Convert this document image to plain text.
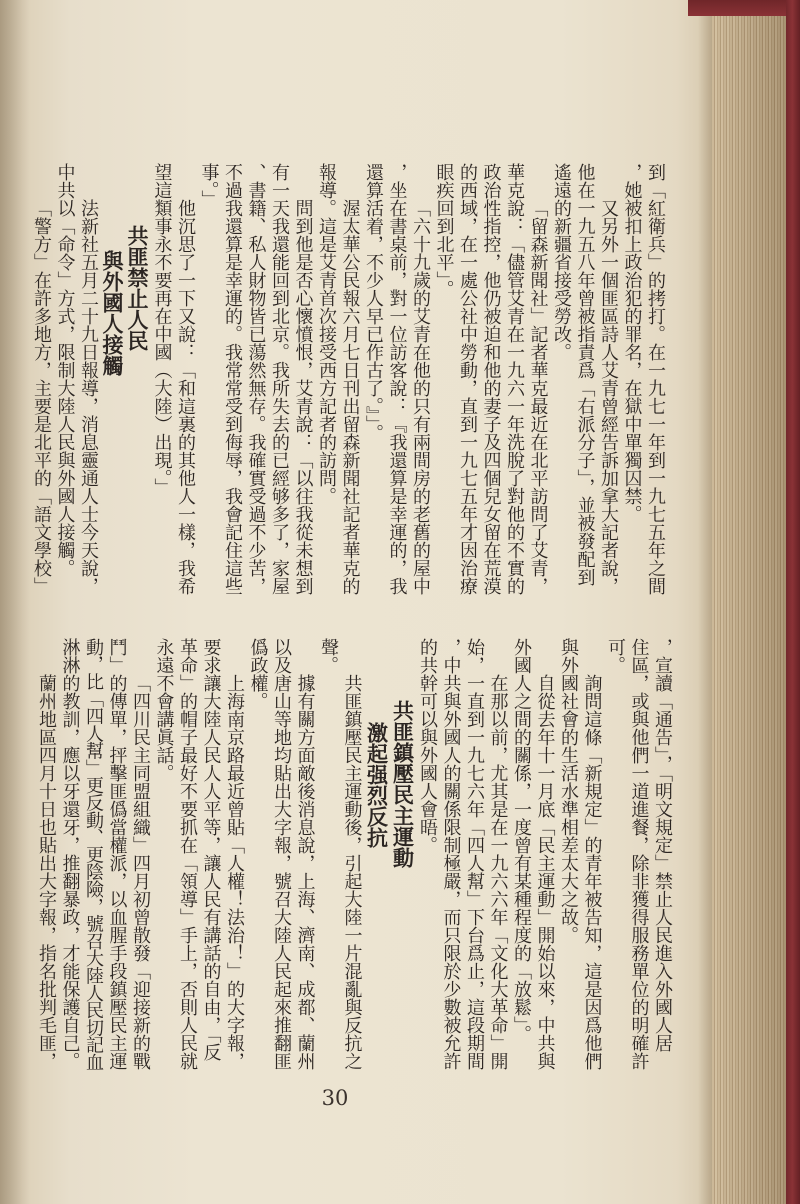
到「紅衛兵」的拷打。在一九七一年到一九七五年之間
，她被扣上政治犯的罪名，在獄中單獨囚禁。
又另外一個匪區詩人艾青曾經告訴加拿大記者說，
他在一九五八年曾被指責爲「右派分子」，並被發配到
遙遠的新疆省接受勞改。
「留森新聞社」記者華克最近在北平訪問了艾青，
華克說：「儘管艾青在一九六一年洗脫了對他的不實的
政治性指控，他仍被迫和他的妻子及四個兒女留在荒漠
的西域，在一處公社中勞動，直到一九七五年才因治療
眼疾回到北平」。
「六十九歲的艾青在他的只有兩間房的老舊的屋中
，坐在書桌前，對一位訪客說：『我還算是幸運的，我
還算活着，不少人早已作古了。』」。
渥太華公民報六月七日刊出留森新聞社記者華克的
報導。這是艾青首次接受西方記者的訪問。
問到他是否心懷憤恨，艾青說：「以往我從未想到
有一天我還能回到北京。我所失去的已經够多了，家屋
、書籍、私人財物皆已蕩然無存。我確實受過不少苦，
不過我還算是幸運的。我常常受到侮辱，我會記住這些
事。」
他沉思了一下又說：「和這裏的其他人一樣，我希
望這類事永不要再在中國（大陸）出現。」
共匪禁止人民
與外國人接觸
法新社五月二十九日報導，消息靈通人士今天說，
中共以「命令」方式，限制大陸人民與外國人接觸。
「警方」在許多地方，主要是北平的「語文學校」
，宣讀「通告」，「明文規定」禁止人民進入外國人居
住區，或與他們一道進餐，除非獲得服務單位的明確許
可。
詢問這條「新規定」的青年被告知，這是因爲他們
與外國社會的生活水準相差太大之故。
自從去年十一月底「民主運動」開始以來，中共與
外國人之間的關係，一度曾有某種程度的「放鬆」。
在那以前，尤其是在一九六六年「文化大革命」開
始，一直到一九七六年「四人幫」下台爲止，這段期間
，中共與外國人的關係限制極嚴，而只限於少數被允許
的共幹可以與外國人會晤。
共匪鎮壓民主運動
激起强烈反抗
共匪鎮壓民主運動後，引起大陸一片混亂與反抗之
聲。
據有關方面敵後消息說，上海、濟南、成都、蘭州
以及唐山等地均貼出大字報，號召大陸人民起來推翻匪
僞政權。
上海南京路最近曾貼「人權！法治！」的大字報，
要求讓大陸人民人人平等，讓人民有講話的自由，「反
革命」的帽子最好不要抓在「領導」手上，否則人民就
永遠不會講眞話。
「四川民主同盟組織」四月初曾散發「迎接新的戰
鬥」的傳單，抨擊匪僞當權派，以血腥手段鎮壓民主運
動，比「四人幫」更反動、更陰險，號召大陸人民切記血
淋淋的教訓，應以牙還牙，推翻暴政，才能保護自己。
蘭州地區四月十日也貼出大字報，指名批判毛匪，
30
